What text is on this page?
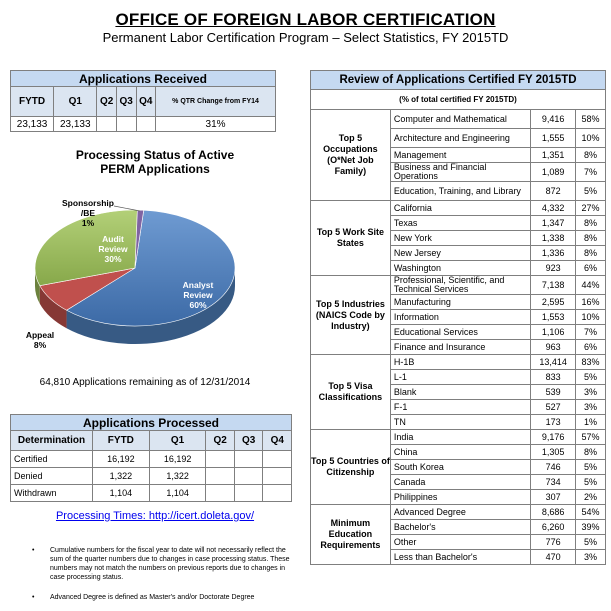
OFFICE OF FOREIGN LABOR CERTIFICATION
Permanent Labor Certification Program – Select Statistics, FY 2015TD
Applications Received					
FYTD	Q1	Q2	Q3	Q4	% QTR Change from FY14
23,133	23,133				31%
Processing Status of Active
PERM Applications
Analyst Review 60%
Audit Review 30%
Appeal 8%
Sponsorship /BE 1%
64,810 Applications remaining as of 12/31/2014
Applications Processed					
Determination	FYTD	Q1	Q2	Q3	Q4
Certified	16,192	16,192			
Denied	1,322	1,322			
Withdrawn	1,104	1,104			
Processing Times: http://icert.doleta.gov/
• Cumulative numbers for the fiscal year to date will not necessarily reflect the sum of the quarter numbers due to changes in case processing status. These numbers may not match the numbers on previous reports due to changes in case processing status.
• Advanced Degree is defined as Master's and/or Doctorate Degree
Review of Applications Certified FY 2015TD			
(% of total certified FY 2015TD)			
Top 5 Occupations (O*Net Job Family)	Computer and Mathematical	9,416	58%
	Architecture and Engineering	1,555	10%
	Management	1,351	8%
	Business and Financial Operations	1,089	7%
	Education, Training, and Library	872	5%
Top 5 Work Site States	California	4,332	27%
	Texas	1,347	8%
	New York	1,338	8%
	New Jersey	1,336	8%
	Washington	923	6%
Top 5 Industries (NAICS Code by Industry)	Professional, Scientific, and Technical Services	7,138	44%
	Manufacturing	2,595	16%
	Information	1,553	10%
	Educational Services	1,106	7%
	Finance and Insurance	963	6%
Top 5 Visa Classifications	H-1B	13,414	83%
	L-1	833	5%
	Blank	539	3%
	F-1	527	3%
	TN	173	1%
Top 5 Countries of Citizenship	India	9,176	57%
	China	1,305	8%
	South Korea	746	5%
	Canada	734	5%
	Philippines	307	2%
Minimum Education Requirements	Advanced Degree	8,686	54%
	Bachelor's	6,260	39%
	Other	776	5%
	Less than Bachelor's	470	3%
